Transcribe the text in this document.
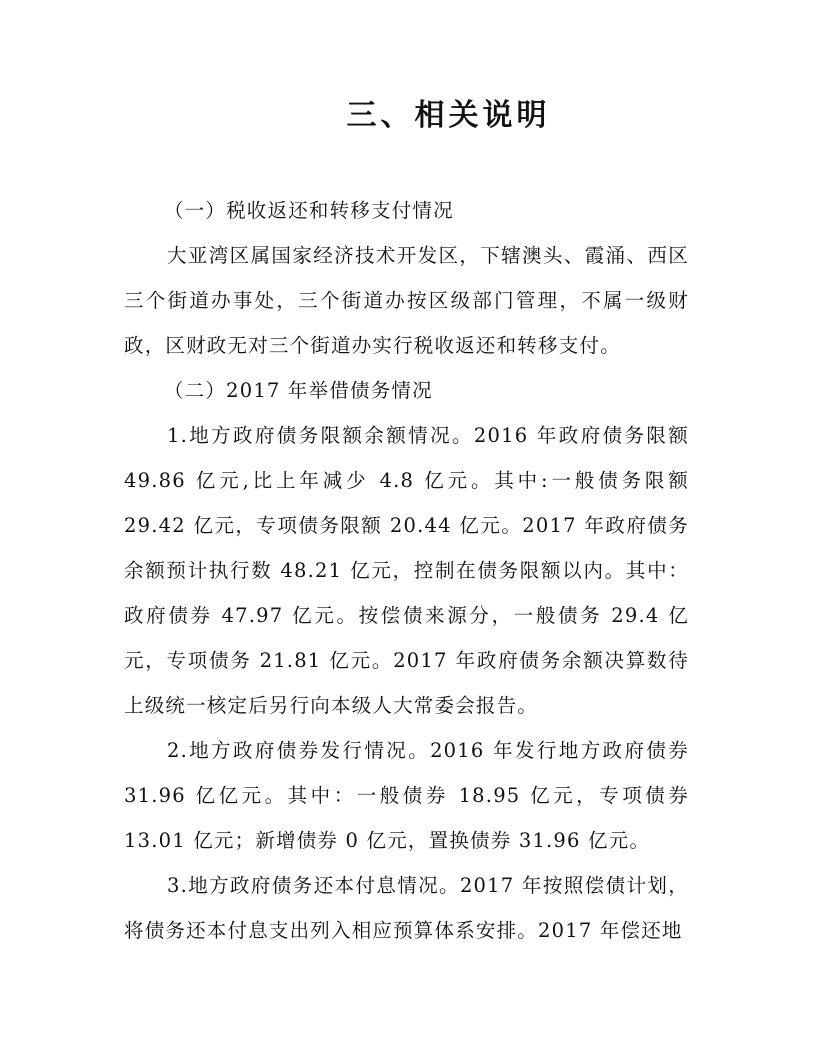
三、相关说明

（一）税收返还和转移支付情况

大亚湾区属国家经济技术开发区，下辖澳头、霞涌、西区三个街道办事处，三个街道办按区级部门管理，不属一级财政，区财政无对三个街道办实行税收返还和转移支付。

（二）2017 年举借债务情况

1.地方政府债务限额余额情况。2016 年政府债务限额 49.86 亿元,比上年减少 4.8 亿元。其中:一般债务限额 29.42 亿元，专项债务限额 20.44 亿元。2017 年政府债务余额预计执行数 48.21 亿元，控制在债务限额以内。其中：政府债券 47.97 亿元。按偿债来源分，一般债务 29.4 亿元，专项债务 21.81 亿元。2017 年政府债务余额决算数待上级统一核定后另行向本级人大常委会报告。

2.地方政府债券发行情况。2016 年发行地方政府债券 31.96 亿亿元。其中：一般债券 18.95 亿元，专项债券 13.01 亿元；新增债券 0 亿元，置换债券 31.96 亿元。

3.地方政府债务还本付息情况。2017 年按照偿债计划，将债务还本付息支出列入相应预算体系安排。2017 年偿还地
